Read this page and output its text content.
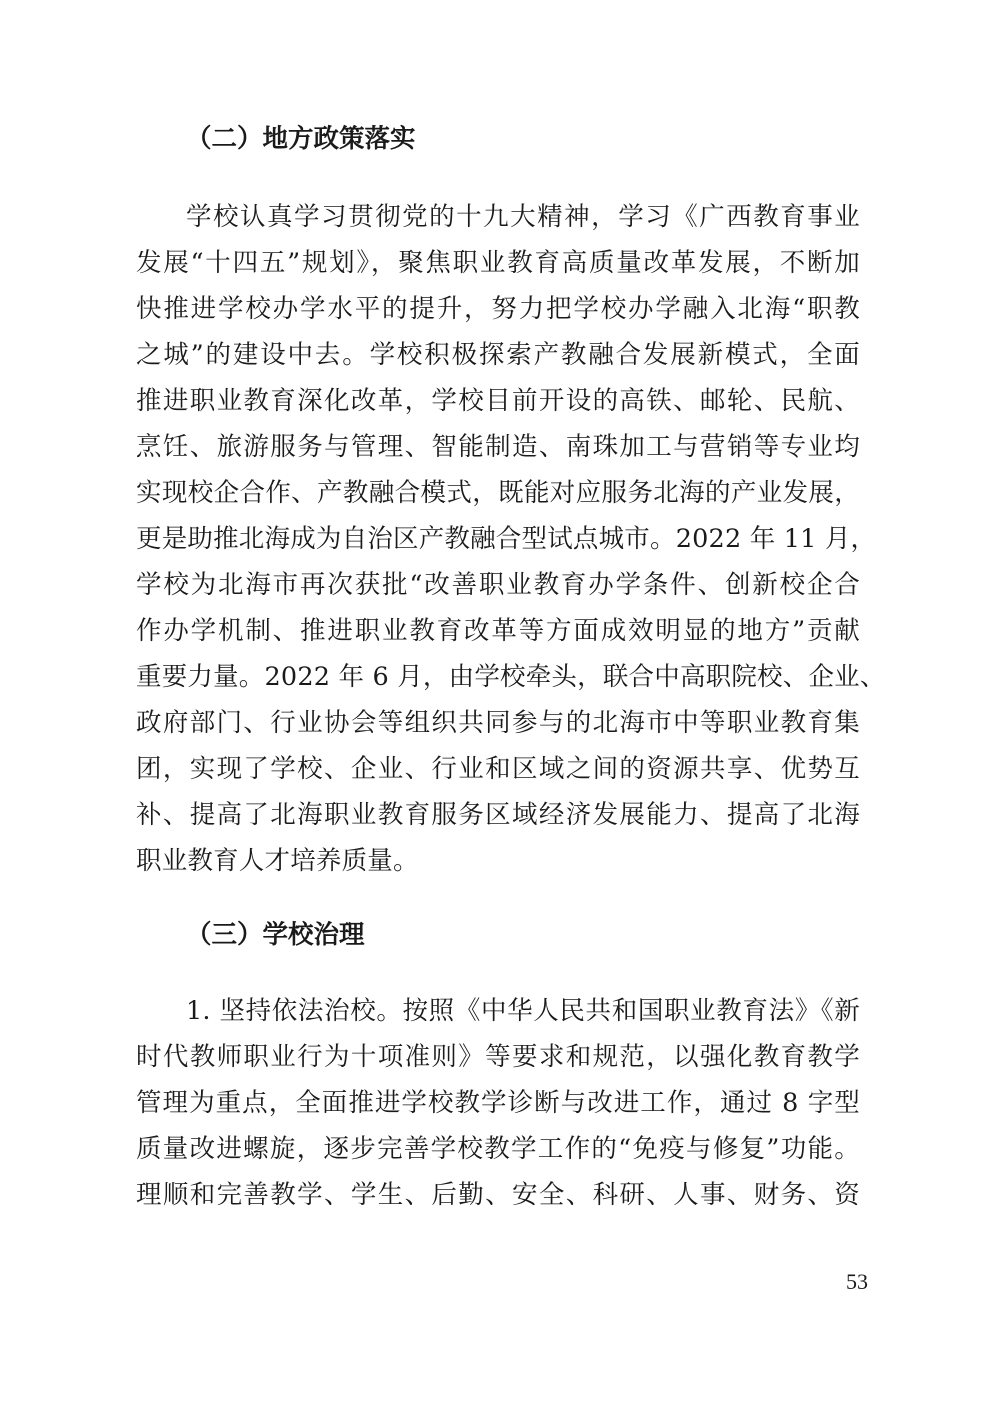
（二）地方政策落实

学校认真学习贯彻党的十九大精神，学习《广西教育事业

发展“十四五”规划》，聚焦职业教育高质量改革发展，不断加

快推进学校办学水平的提升，努力把学校办学融入北海“职教

之城”的建设中去。学校积极探索产教融合发展新模式，全面

推进职业教育深化改革，学校目前开设的高铁、邮轮、民航、

烹饪、旅游服务与管理、智能制造、南珠加工与营销等专业均

实现校企合作、产教融合模式，既能对应服务北海的产业发展，

更是助推北海成为自治区产教融合型试点城市。2022 年 11 月，

学校为北海市再次获批“改善职业教育办学条件、创新校企合

作办学机制、推进职业教育改革等方面成效明显的地方”贡献

重要力量。2022 年 6 月，由学校牵头，联合中高职院校、企业、

政府部门、行业协会等组织共同参与的北海市中等职业教育集

团，实现了学校、企业、行业和区域之间的资源共享、优势互

补、提高了北海职业教育服务区域经济发展能力、提高了北海

职业教育人才培养质量。

（三）学校治理

1. 坚持依法治校。按照《中华人民共和国职业教育法》《新

时代教师职业行为十项准则》等要求和规范，以强化教育教学

管理为重点，全面推进学校教学诊断与改进工作，通过 8 字型

质量改进螺旋，逐步完善学校教学工作的“免疫与修复”功能。

理顺和完善教学、学生、后勤、安全、科研、人事、财务、资

53
